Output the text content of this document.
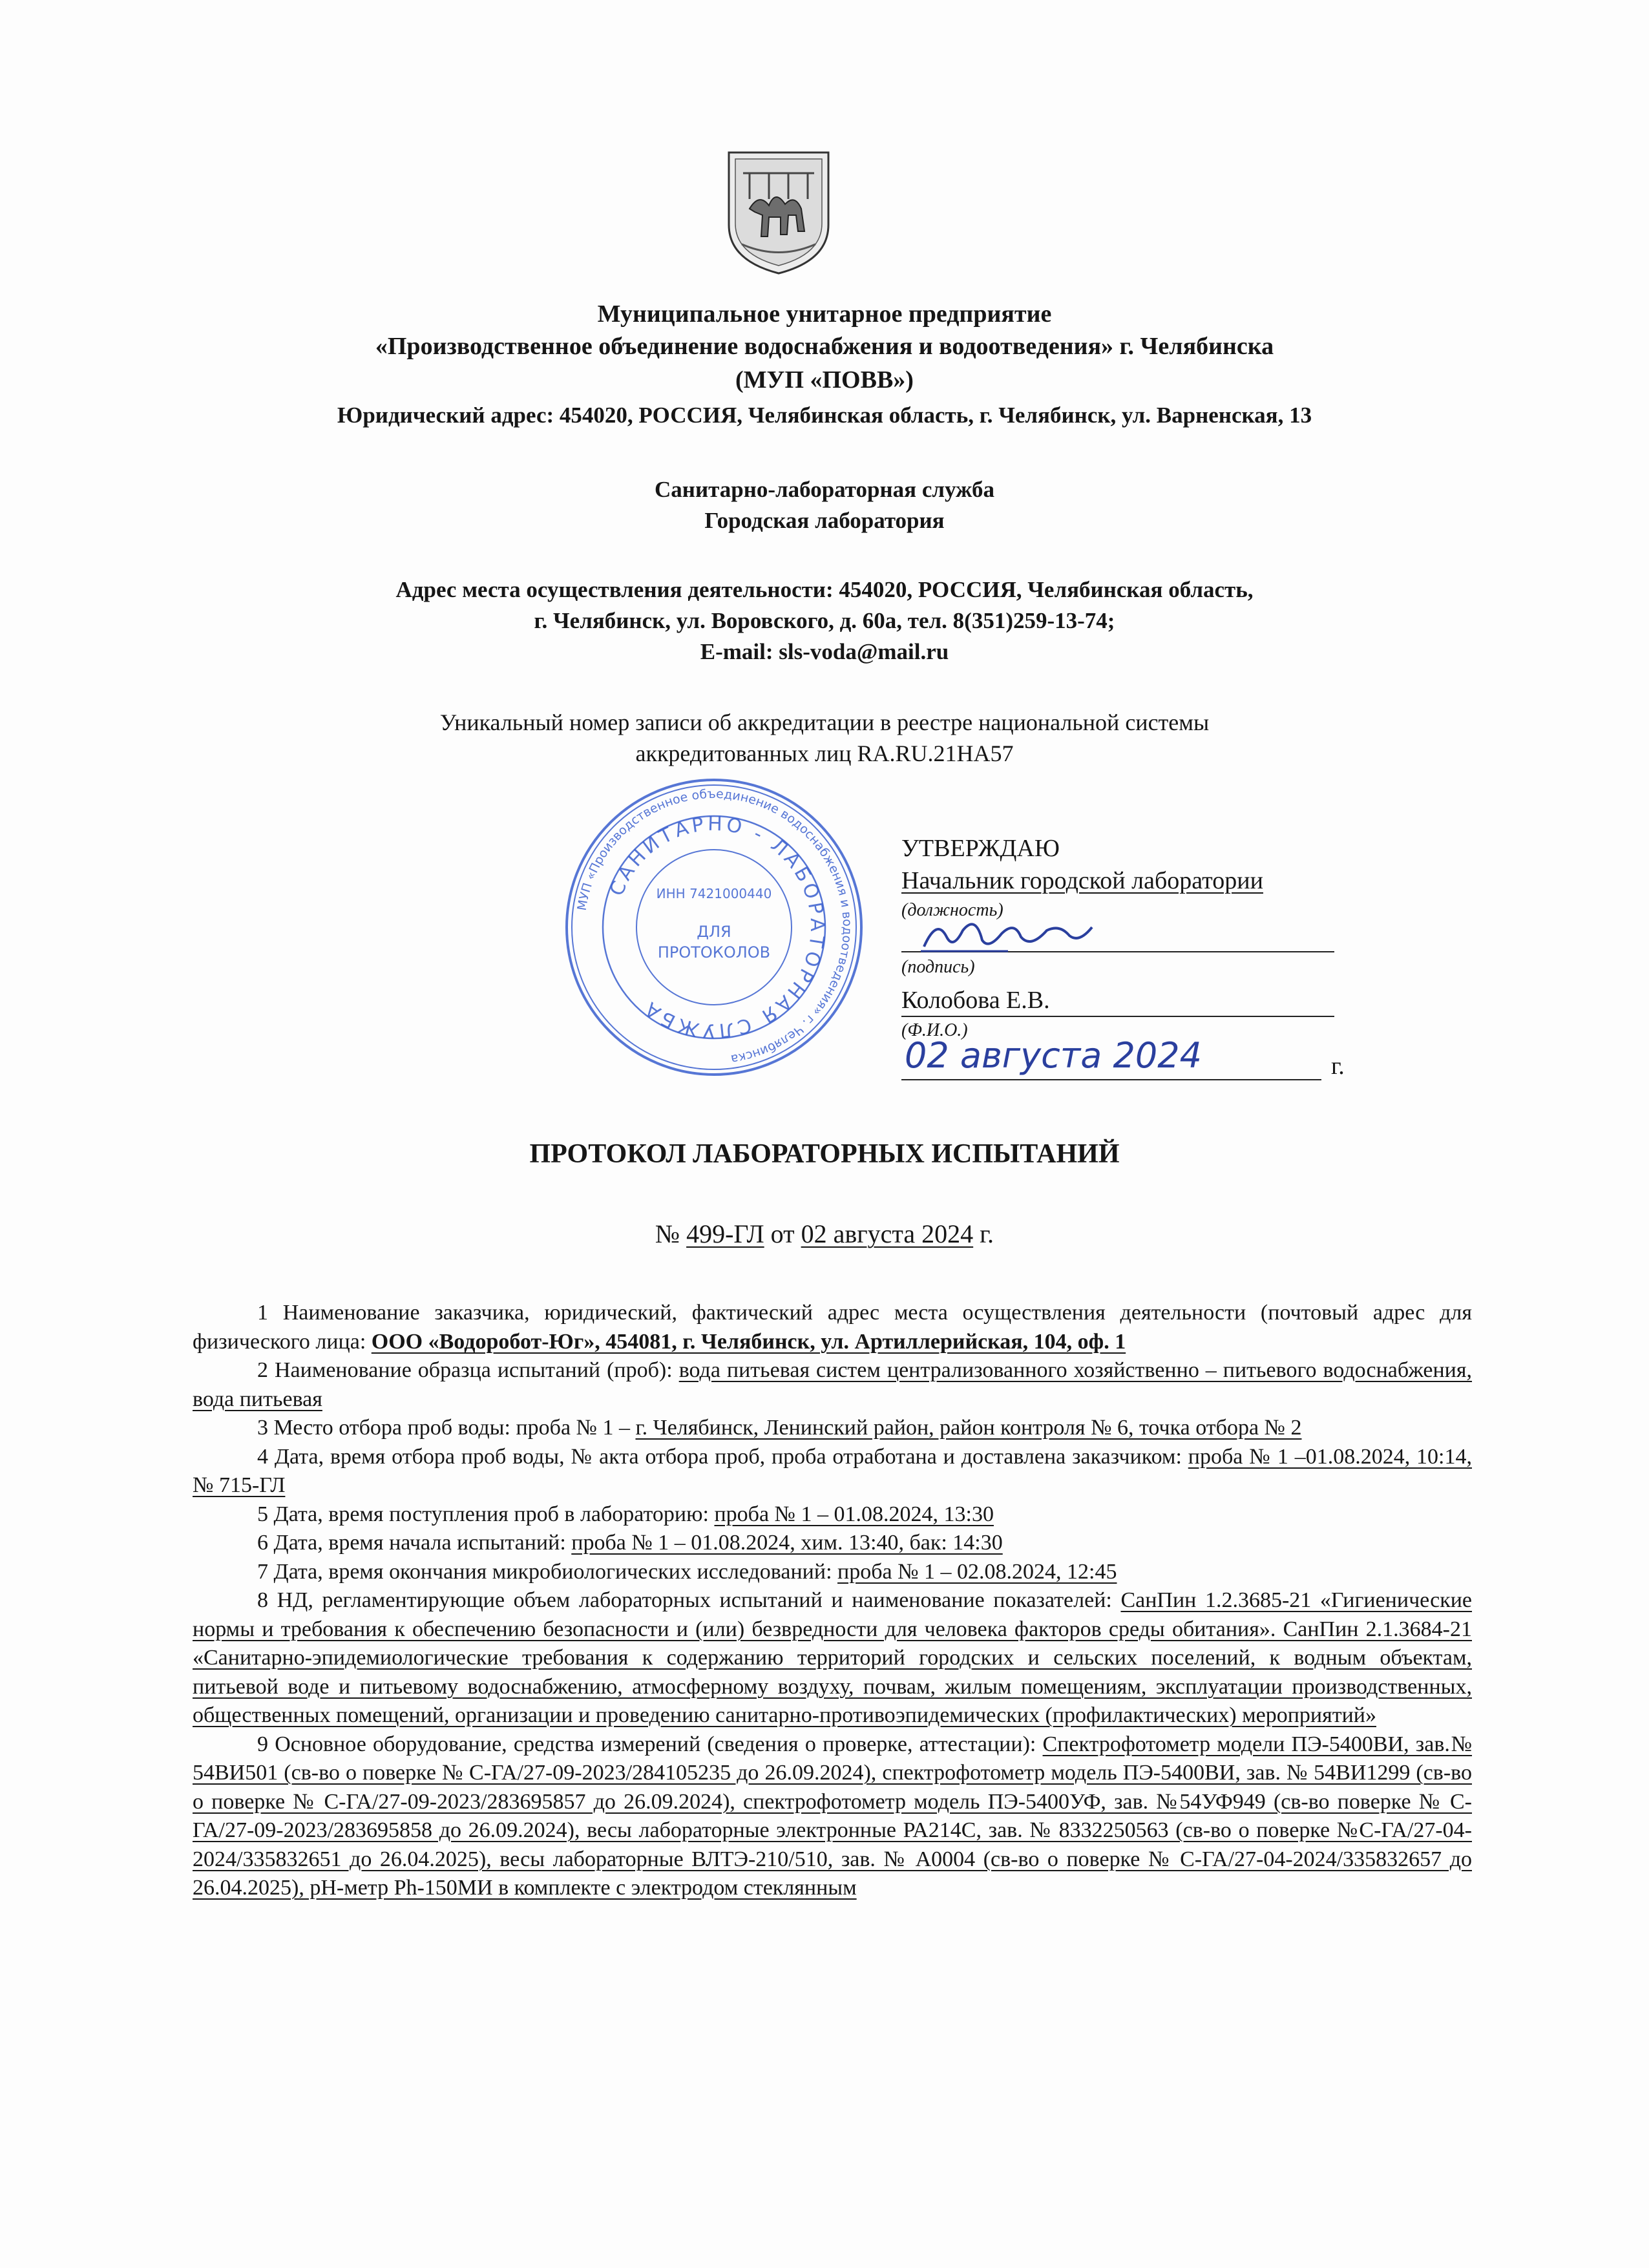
Муниципальное унитарное предприятие
«Производственное объединение водоснабжения и водоотведения» г. Челябинска
(МУП «ПОВВ»)
Юридический адрес: 454020, РОССИЯ, Челябинская область, г. Челябинск, ул. Варненская, 13
Санитарно-лабораторная служба
Городская лаборатория
Адрес места осуществления деятельности: 454020, РОССИЯ, Челябинская область,
г. Челябинск, ул. Воровского, д. 60а, тел. 8(351)259-13-74;
E-mail: sls-voda@mail.ru
Уникальный номер записи об аккредитации в реестре национальной системы
аккредитованных лиц RA.RU.21НА57
МУП «Производственное объединение водоснабжения и водоотведения» г. Челябинска
САНИТАРНО - ЛАБОРАТОРНАЯ СЛУЖБА
ИНН 7421000440
ДЛЯ
ПРОТОКОЛОВ
УТВЕРЖДАЮ
Начальник городской лаборатории
(должность)
(подпись)
Колобова Е.В.
(Ф.И.О.)
02 августа 2024	г.
ПРОТОКОЛ ЛАБОРАТОРНЫХ ИСПЫТАНИЙ
№ 499-ГЛ от 02 августа 2024 г.

1 Наименование заказчика, юридический, фактический адрес места осуществления деятельности (почтовый адрес для физического лица: ООО «Водоробот-Юг», 454081, г. Челябинск, ул. Артиллерийская, 104, оф. 1

2 Наименование образца испытаний (проб): вода питьевая систем централизованного хозяйственно – питьевого водоснабжения, вода питьевая

3 Место отбора проб воды: проба № 1 – г. Челябинск, Ленинский район, район контроля № 6, точка отбора № 2

4 Дата, время отбора проб воды, № акта отбора проб, проба отработана и доставлена заказчиком: проба № 1 –01.08.2024, 10:14, № 715-ГЛ

5 Дата, время поступления проб в лабораторию: проба № 1 – 01.08.2024, 13:30

6 Дата, время начала испытаний: проба № 1 – 01.08.2024, хим. 13:40, бак: 14:30

7 Дата, время окончания микробиологических исследований: проба № 1 – 02.08.2024, 12:45

8 НД, регламентирующие объем лабораторных испытаний и наименование показателей: СанПин 1.2.3685-21 «Гигиенические нормы и требования к обеспечению безопасности и (или) безвредности для человека факторов среды обитания». СанПин 2.1.3684-21 «Санитарно-эпидемиологические требования к содержанию территорий городских и сельских поселений, к водным объектам, питьевой воде и питьевому водоснабжению, атмосферному воздуху, почвам, жилым помещениям, эксплуатации производственных, общественных помещений, организации и проведению санитарно-противоэпидемических (профилактических) мероприятий»

9 Основное оборудование, средства измерений (сведения о проверке, аттестации): Спектрофотометр модели ПЭ-5400ВИ, зав.№ 54ВИ501 (св-во о поверке № С-ГА/27-09-2023/284105235 до 26.09.2024), спектрофотометр модель ПЭ-5400ВИ, зав. № 54ВИ1299 (св-во о поверке № С-ГА/27-09-2023/283695857 до 26.09.2024), спектрофотометр модель ПЭ-5400УФ, зав. №54УФ949 (св-во поверке № С-ГА/27-09-2023/283695858 до 26.09.2024), весы лабораторные электронные РА214С, зав. № 8332250563 (св-во о поверке №С-ГА/27-04-2024/335832651 до 26.04.2025), весы лабораторные ВЛТЭ-210/510, зав. № А0004 (св-во о поверке № С-ГА/27-04-2024/335832657 до 26.04.2025), рН-метр Ph-150МИ в комплекте с электродом стеклянным
